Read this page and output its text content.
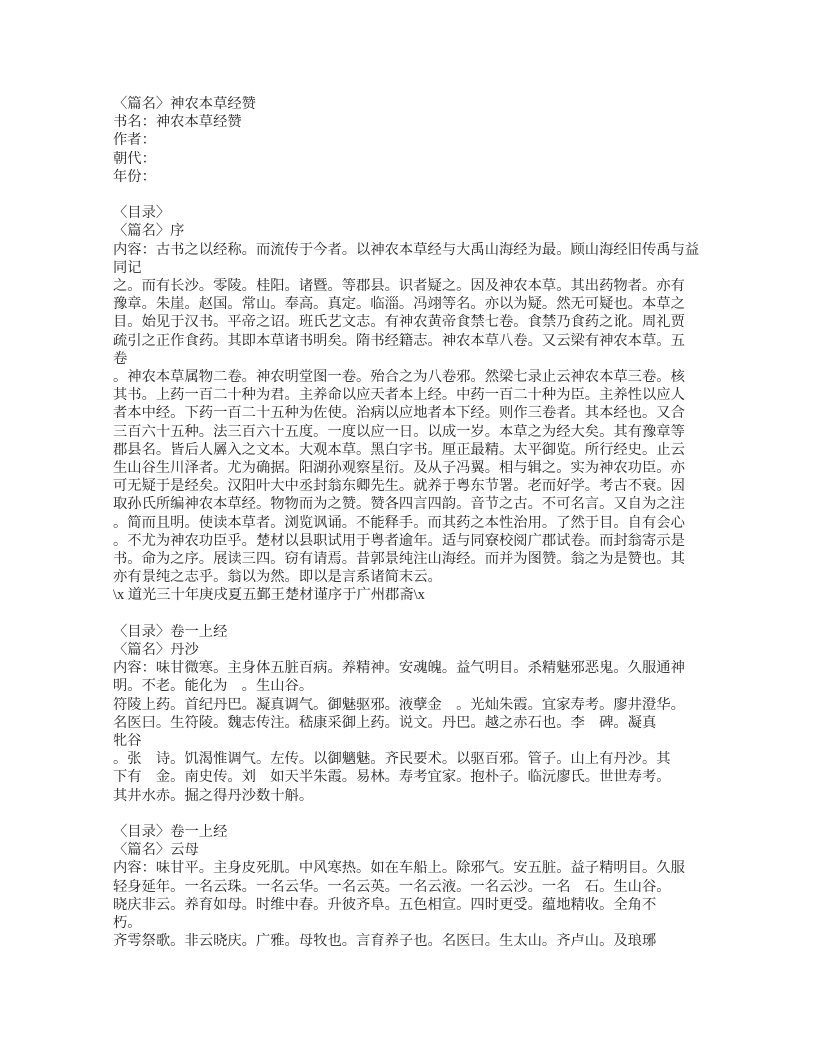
〈篇名〉神农本草经赞
书名：神农本草经赞
作者：
朝代：
年份：
〈目录〉
〈篇名〉序
内容：古书之以经称。而流传于今者。以神农本草经与大禹山海经为最。顾山海经旧传禹与益
同记
之。而有长沙。零陵。桂阳。诸暨。等郡县。识者疑之。因及神农本草。其出药物者。亦有
豫章。朱崖。赵国。常山。奉高。真定。临淄。冯翊等名。亦以为疑。然无可疑也。本草之
目。始见于汉书。平帝之诏。班氏艺文志。有神农黄帝食禁七卷。食禁乃食药之讹。周礼贾
疏引之正作食药。其即本草诸书明矣。隋书经籍志。神农本草八卷。又云梁有神农本草。五
卷
。神农本草属物二卷。神农明堂图一卷。殆合之为八卷邪。然梁七录止云神农本草三卷。核
其书。上药一百二十种为君。主养命以应天者本上经。中药一百二十种为臣。主养性以应人
者本中经。下药一百二十五种为佐使。治病以应地者本下经。则作三卷者。其本经也。又合
三百六十五种。法三百六十五度。一度以应一日。以成一岁。本草之为经大矣。其有豫章等
郡县名。皆后人羼入之文本。大观本草。黑白字书。厘正最精。太平御览。所行经史。止云
生山谷生川泽者。尤为确据。阳湖孙观察星衍。及从子冯翼。相与辑之。实为神农功臣。亦
可无疑于是经矣。汉阳叶大中丞封翁东卿先生。就养于粤东节署。老而好学。考古不衰。因
取孙氏所编神农本草经。物物而为之赞。赞各四言四韵。音节之古。不可名言。又自为之注
。简而且明。使读本草者。浏览讽诵。不能释手。而其药之本性治用。了然于目。自有会心
。不尤为神农功臣乎。楚材以县职试用于粤者逾年。适与同寮校阅广郡试卷。而封翁寄示是
书。命为之序。展读三四。窃有请焉。昔郭景纯注山海经。而并为图赞。翁之为是赞也。其
亦有景纯之志乎。翁以为然。即以是言系诸简末云。
\x 道光三十年庚戌夏五鄞王楚材谨序于广州郡斋\x
〈目录〉卷一上经
〈篇名〉丹沙
内容：味甘微寒。主身体五脏百病。养精神。安魂魄。益气明目。杀精魅邪恶鬼。久服通神
明。不老。能化为　。生山谷。
符陵上药。首纪丹巴。凝真调气。御魅驱邪。液孽金　。光灿朱霞。宜家寿考。廖井澄华。
名医曰。生符陵。魏志传注。嵇康采御上药。说文。丹巴。越之赤石也。李　碑。凝真
牝谷
。张　诗。饥渴惟调气。左传。以御魑魅。齐民要术。以驱百邪。管子。山上有丹沙。其
下有　金。南史传。刘　如天半朱霞。易林。寿考宜家。抱朴子。临沅廖氏。世世寿考。
其井水赤。掘之得丹沙数十斛。
〈目录〉卷一上经
〈篇名〉云母
内容：味甘平。主身皮死肌。中风寒热。如在车船上。除邪气。安五脏。益子精明目。久服
轻身延年。一名云珠。一名云华。一名云英。一名云液。一名云沙。一名　石。生山谷。
晓庆非云。养育如母。时维中春。升彼齐阜。五色相宣。四时更受。蕴地精收。全角不
朽。
齐雩祭歌。非云晓庆。广雅。母牧也。言育养子也。名医曰。生太山。齐卢山。及琅琊
